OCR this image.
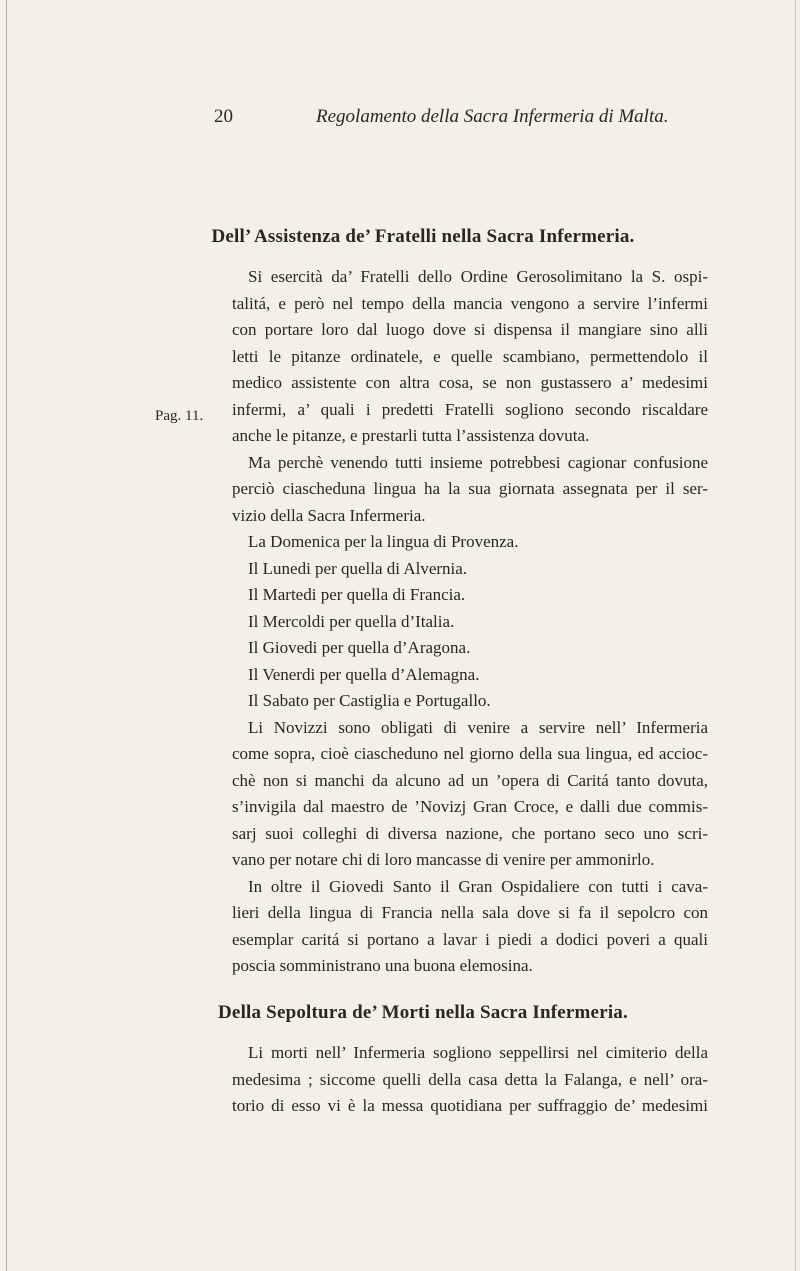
20	Regolamento della Sacra Infermeria di Malta.
Dell’ Assistenza de’ Fratelli nella Sacra Infermeria.
Pag. 11.
Si esercità da’ Fratelli dello Ordine Gerosolimitano la S. ospi-
talitá, e però nel tempo della mancia vengono a servire l’infermi
con portare loro dal luogo dove si dispensa il mangiare sino alli
letti le pitanze ordinatele, e quelle scambiano, permettendolo il
medico assistente con altra cosa, se non gustassero a’ medesimi
infermi, a’ quali i predetti Fratelli sogliono secondo riscaldare
anche le pitanze, e prestarli tutta l’assistenza dovuta.
Ma perchè venendo tutti insieme potrebbesi cagionar confusione
perciò ciascheduna lingua ha la sua giornata assegnata per il ser-
vizio della Sacra Infermeria.
La Domenica per la lingua di Provenza.
Il Lunedi per quella di Alvernia.
Il Martedi per quella di Francia.
Il Mercoldi per quella d’Italia.
Il Giovedi per quella d’Aragona.
Il Venerdi per quella d’Alemagna.
Il Sabato per Castiglia e Portugallo.
Li Novizzi sono obligati di venire a servire nell’ Infermeria
come sopra, cioè ciascheduno nel giorno della sua lingua, ed accioc-
chè non si manchi da alcuno ad un ’opera di Caritá tanto dovuta,
s’invigila dal maestro de ’Novizj Gran Croce, e dalli due commis-
sarj suoi colleghi di diversa nazione, che portano seco uno scri-
vano per notare chi di loro mancasse di venire per ammonirlo.
In oltre il Giovedi Santo il Gran Ospidaliere con tutti i cava-
lieri della lingua di Francia nella sala dove si fa il sepolcro con
esemplar caritá si portano a lavar i piedi a dodici poveri a quali
poscia somministrano una buona elemosina.
Della Sepoltura de’ Morti nella Sacra Infermeria.
Li morti nell’ Infermeria sogliono seppellirsi nel cimiterio della
medesima ; siccome quelli della casa detta la Falanga, e nell’ ora-
torio di esso vi è la messa quotidiana per suffraggio de’ medesimi
